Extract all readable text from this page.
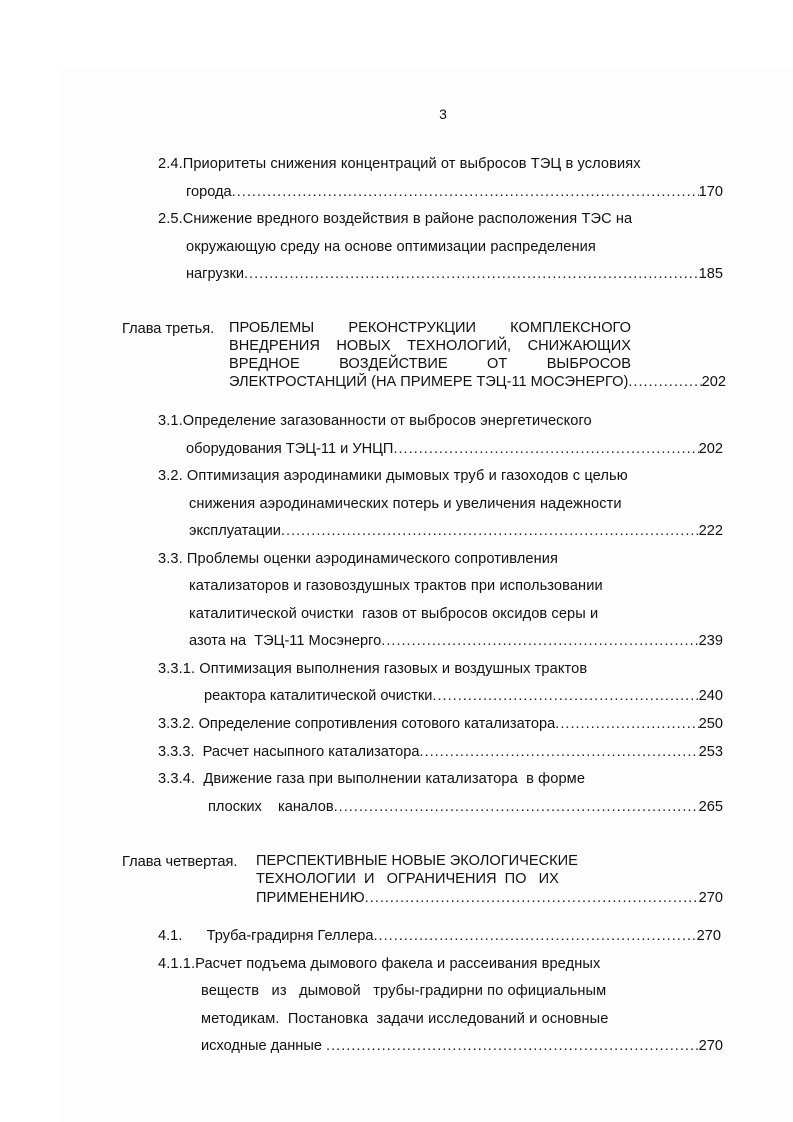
3
2.4.Приоритеты снижения концентраций от выбросов ТЭЦ в условиях
города .....	170
2.5.Снижение вредного воздействия в районе расположения ТЭС на
окружающую среду на основе оптимизации распределения
нагрузки .....	185
Глава третья. ПРОБЛЕМЫ РЕКОНСТРУКЦИИ КОМПЛЕКСНОГО
ВНЕДРЕНИЯ НОВЫХ ТЕХНОЛОГИЙ, СНИЖАЮЩИХ
ВРЕДНОЕ ВОЗДЕЙСТВИЕ ОТ ВЫБРОСОВ
ЭЛЕКТРОСТАНЦИЙ (НА ПРИМЕРЕ ТЭЦ-11 МОСЭНЕРГО) .....	202
3.1.Определение загазованности от выбросов энергетического
оборудования ТЭЦ-11 и УНЦП .....	202
3.2. Оптимизация аэродинамики дымовых труб и газоходов с целью
снижения аэродинамических потерь и увеличения надежности
эксплуатации .....	222
3.3. Проблемы оценки аэродинамического сопротивления
катализаторов и газовоздушных трактов при использовании
каталитической очистки  газов от выбросов оксидов серы и
азота на  ТЭЦ-11 Мосэнерго .....	239
3.3.1. Оптимизация выполнения газовых и воздушных трактов
реактора каталитической очистки .....	240
3.3.2. Определение сопротивления сотового катализатора .....	250
3.3.3.  Расчет насыпного катализатора .....	253
3.3.4.  Движение газа при выполнении катализатора  в форме
плоских    каналов .....	265
Глава четвертая. ПЕРСПЕКТИВНЫЕ НОВЫЕ ЭКОЛОГИЧЕСКИЕ
ТЕХНОЛОГИИ  И   ОГРАНИЧЕНИЯ  ПО   ИХ
ПРИМЕНЕНИЮ .....	270
4.1.      Труба-градирня Геллера .....	270
4.1.1.Расчет подъема дымового факела и рассеивания вредных
веществ   из   дымовой   трубы-градирни по официальным
методикам.  Постановка  задачи исследований и основные
исходные данные .....	270
